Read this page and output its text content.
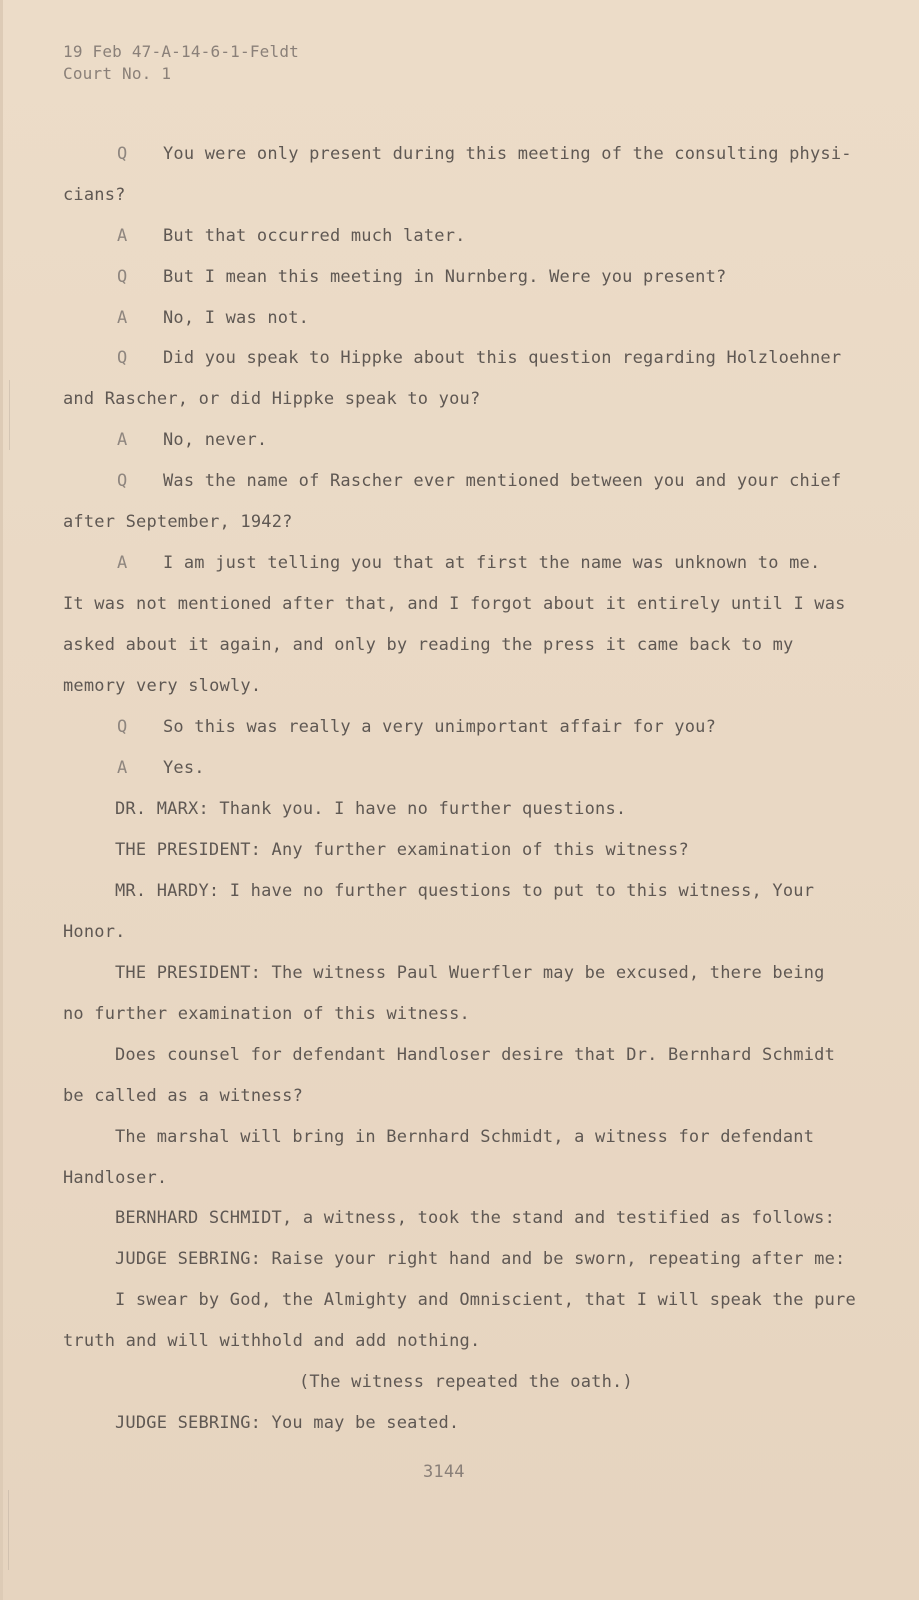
19 Feb 47-A-14-6-1-Feldt
Court No. 1
Q You were only present during this meeting of the consulting physi-
cians?
A But that occurred much later.
Q But I mean this meeting in Nurnberg. Were you present?
A No, I was not.
Q Did you speak to Hippke about this question regarding Holzloehner
and Rascher, or did Hippke speak to you?
A No, never.
Q Was the name of Rascher ever mentioned between you and your chief
after September, 1942?
A I am just telling you that at first the name was unknown to me.
It was not mentioned after that, and I forgot about it entirely until I was
asked about it again, and only by reading the press it came back to my
memory very slowly.
Q So this was really a very unimportant affair for you?
A Yes.
DR. MARX: Thank you. I have no further questions.
THE PRESIDENT: Any further examination of this witness?
MR. HARDY: I have no further questions to put to this witness, Your
Honor.
THE PRESIDENT: The witness Paul Wuerfler may be excused, there being
no further examination of this witness.
Does counsel for defendant Handloser desire that Dr. Bernhard Schmidt
be called as a witness?
The marshal will bring in Bernhard Schmidt, a witness for defendant
Handloser.
BERNHARD SCHMIDT, a witness, took the stand and testified as follows:
JUDGE SEBRING: Raise your right hand and be sworn, repeating after me:
I swear by God, the Almighty and Omniscient, that I will speak the pure
truth and will withhold and add nothing.
(The witness repeated the oath.)
JUDGE SEBRING: You may be seated.
3144
